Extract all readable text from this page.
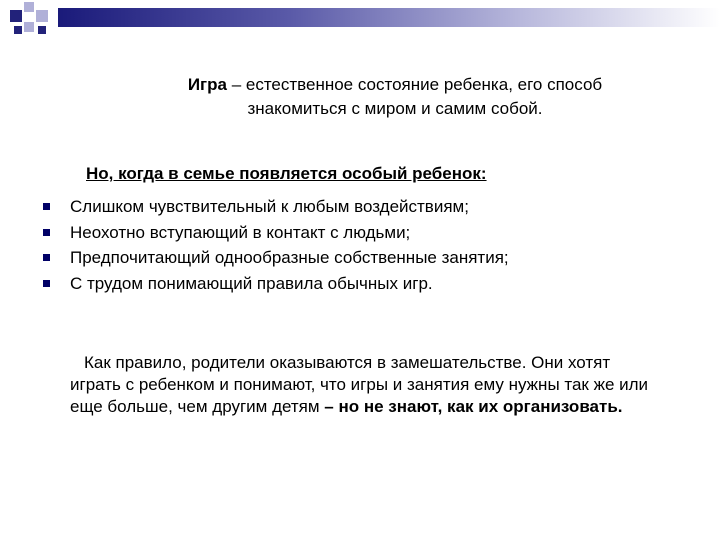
Игра – естественное состояние ребенка, его способ
знакомиться с миром и самим собой.
Но, когда в семье появляется особый ребенок:
Слишком чувствительный к любым воздействиям;
Неохотно вступающий в контакт с людьми;
Предпочитающий однообразные собственные занятия;
С трудом понимающий правила обычных игр.
Как правило, родители оказываются в замешательстве. Они хотят играть с ребенком и понимают, что игры и занятия ему нужны так же или еще больше, чем другим детям – но не знают, как их организовать.
